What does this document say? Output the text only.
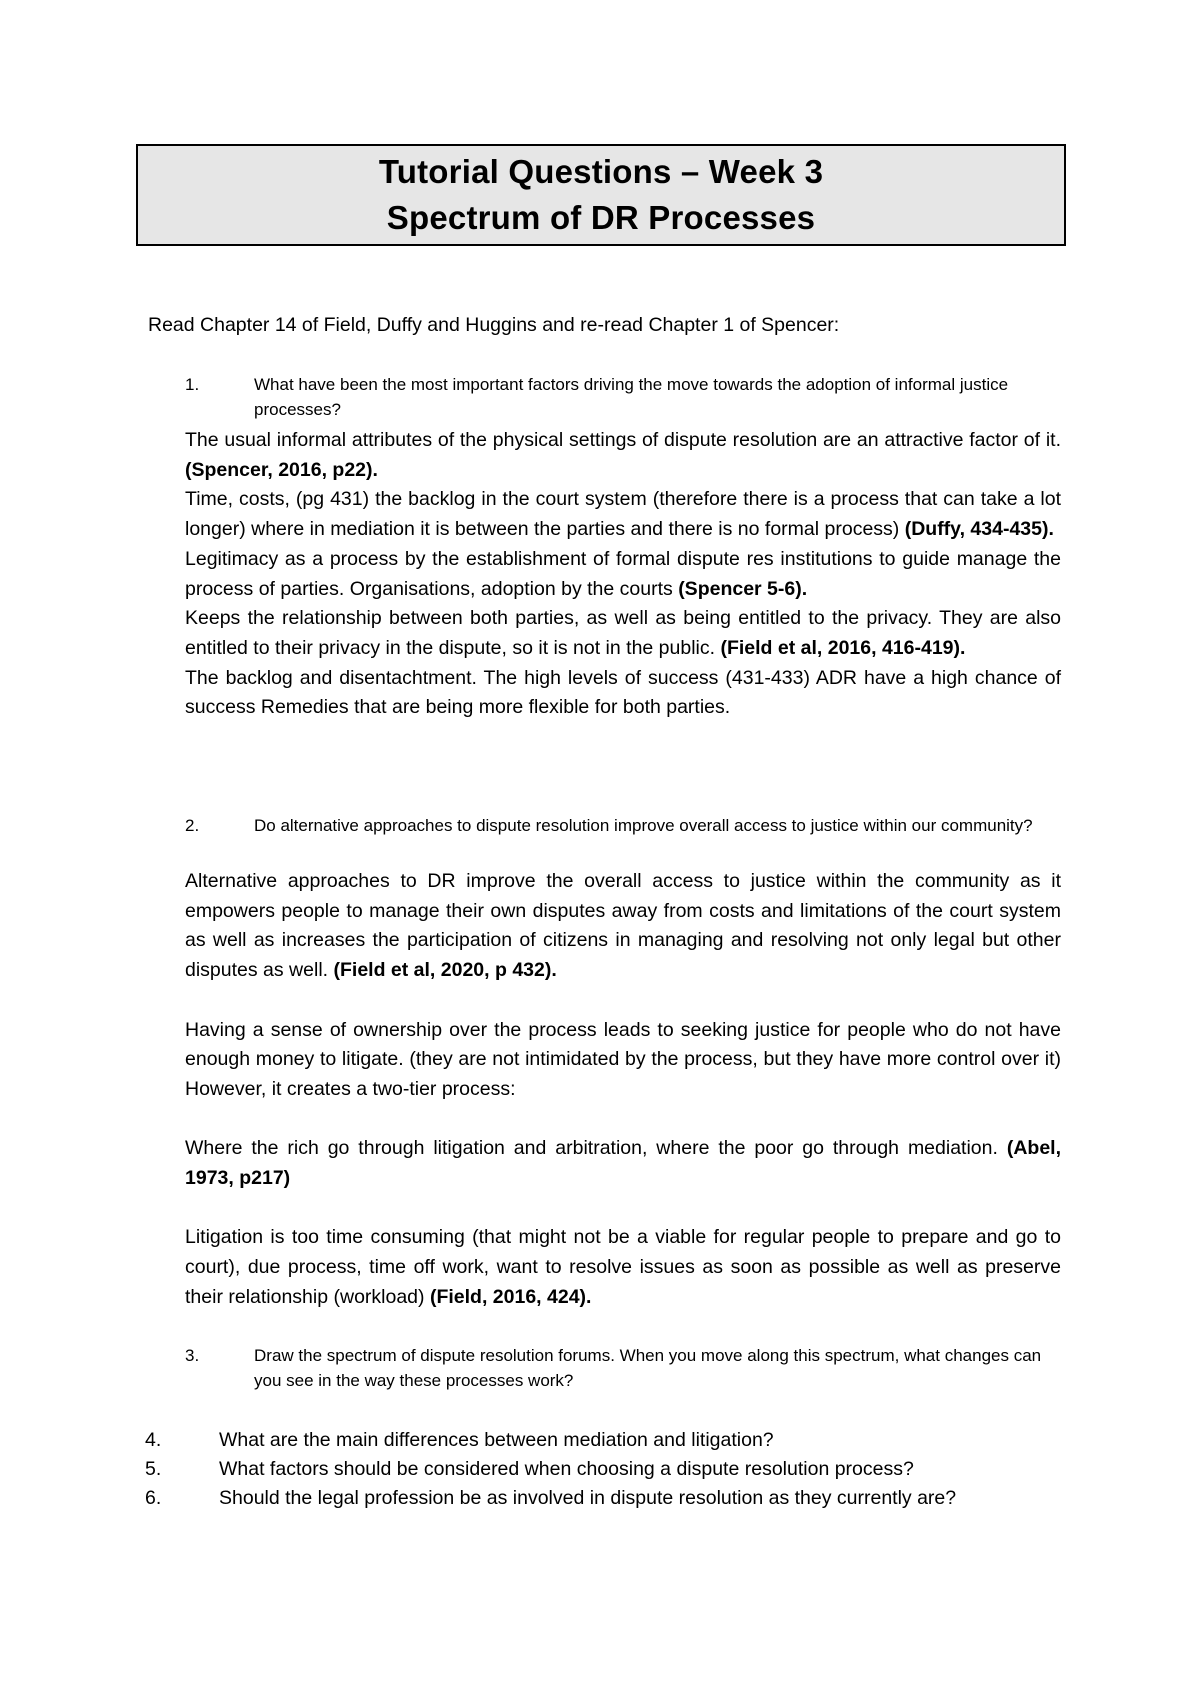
Tutorial Questions – Week 3
Spectrum of DR Processes
Read Chapter 14 of Field, Duffy and Huggins and re-read Chapter 1 of Spencer:
1.	What have been the most important factors driving the move towards the adoption of informal justice processes?

The usual informal attributes of the physical settings of dispute resolution are an attractive factor of it. (Spencer, 2016, p22).

Time, costs, (pg 431) the backlog in the court system (therefore there is a process that can take a lot longer) where in mediation it is between the parties and there is no formal process) (Duffy, 434-435).

Legitimacy as a process by the establishment of formal dispute res institutions to guide manage the process of parties. Organisations, adoption by the courts (Spencer 5-6).

Keeps the relationship between both parties, as well as being entitled to the privacy. They are also entitled to their privacy in the dispute, so it is not in the public. (Field et al, 2016, 416-419).

The backlog and disentachtment. The high levels of success (431-433) ADR have a high chance of success Remedies that are being more flexible for both parties.

2.	Do alternative approaches to dispute resolution improve overall access to justice within our community?

Alternative approaches to DR improve the overall access to justice within the community as it empowers people to manage their own disputes away from costs and limitations of the court system as well as increases the participation of citizens in managing and resolving not only legal but other disputes as well. (Field et al, 2020, p 432).

Having a sense of ownership over the process leads to seeking justice for people who do not have enough money to litigate. (they are not intimidated by the process, but they have more control over it) However, it creates a two-tier process:

Where the rich go through litigation and arbitration, where the poor go through mediation. (Abel, 1973, p217)

Litigation is too time consuming (that might not be a viable for regular people to prepare and go to court), due process, time off work, want to resolve issues as soon as possible as well as preserve their relationship (workload) (Field, 2016, 424).

3.	Draw the spectrum of dispute resolution forums. When you move along this spectrum, what changes can you see in the way these processes work?
4.	What are the main differences between mediation and litigation?
5.	What factors should be considered when choosing a dispute resolution process?
6.	Should the legal profession be as involved in dispute resolution as they currently are?
